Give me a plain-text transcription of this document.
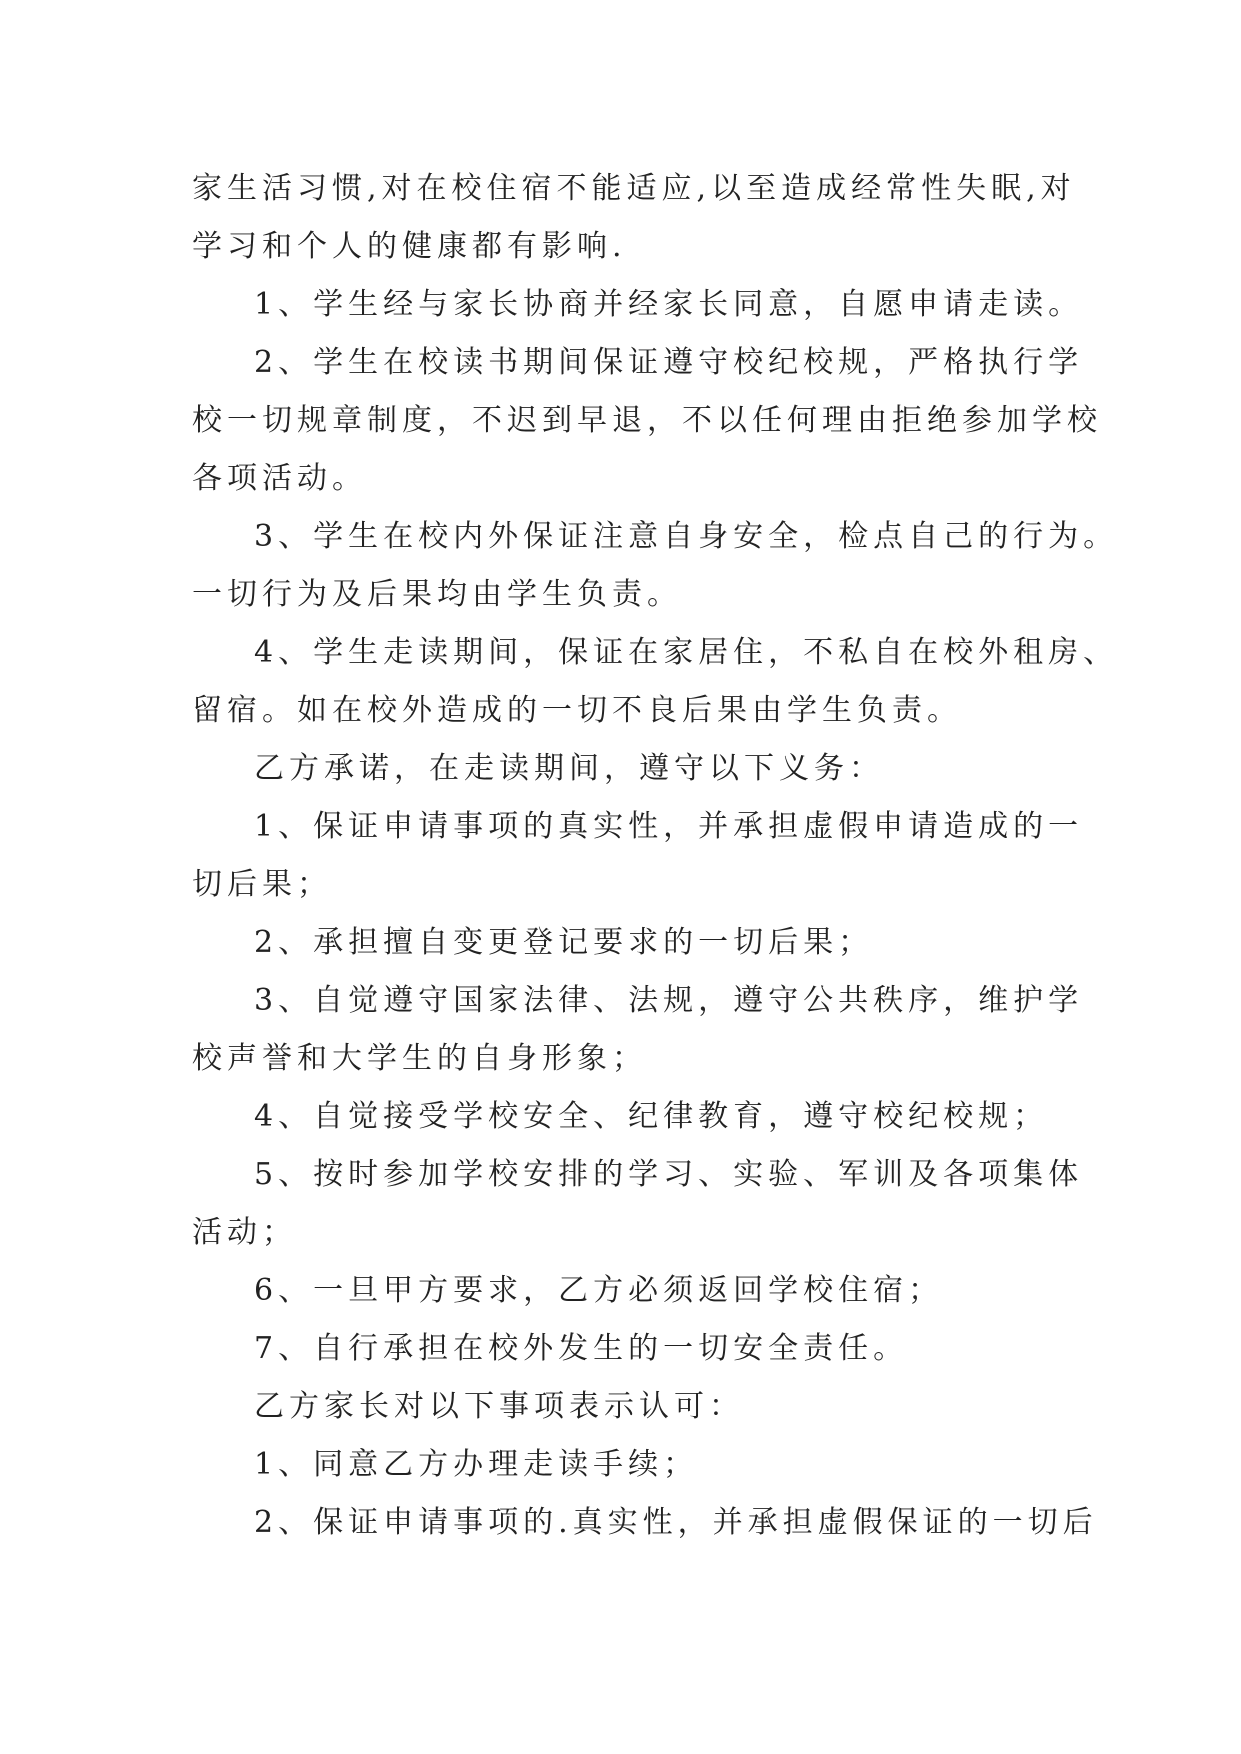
家生活习惯,对在校住宿不能适应,以至造成经常性失眠,对
学习和个人的健康都有影响.
1、学生经与家长协商并经家长同意，自愿申请走读。
2、学生在校读书期间保证遵守校纪校规，严格执行学
校一切规章制度，不迟到早退，不以任何理由拒绝参加学校
各项活动。
3、学生在校内外保证注意自身安全，检点自己的行为。
一切行为及后果均由学生负责。
4、学生走读期间，保证在家居住，不私自在校外租房、
留宿。如在校外造成的一切不良后果由学生负责。
乙方承诺，在走读期间，遵守以下义务：
1、保证申请事项的真实性，并承担虚假申请造成的一
切后果；
2、承担擅自变更登记要求的一切后果；
3、自觉遵守国家法律、法规，遵守公共秩序，维护学
校声誉和大学生的自身形象；
4、自觉接受学校安全、纪律教育，遵守校纪校规；
5、按时参加学校安排的学习、实验、军训及各项集体
活动；
6、一旦甲方要求，乙方必须返回学校住宿；
7、自行承担在校外发生的一切安全责任。
乙方家长对以下事项表示认可：
1、同意乙方办理走读手续；
2、保证申请事项的.真实性，并承担虚假保证的一切后
